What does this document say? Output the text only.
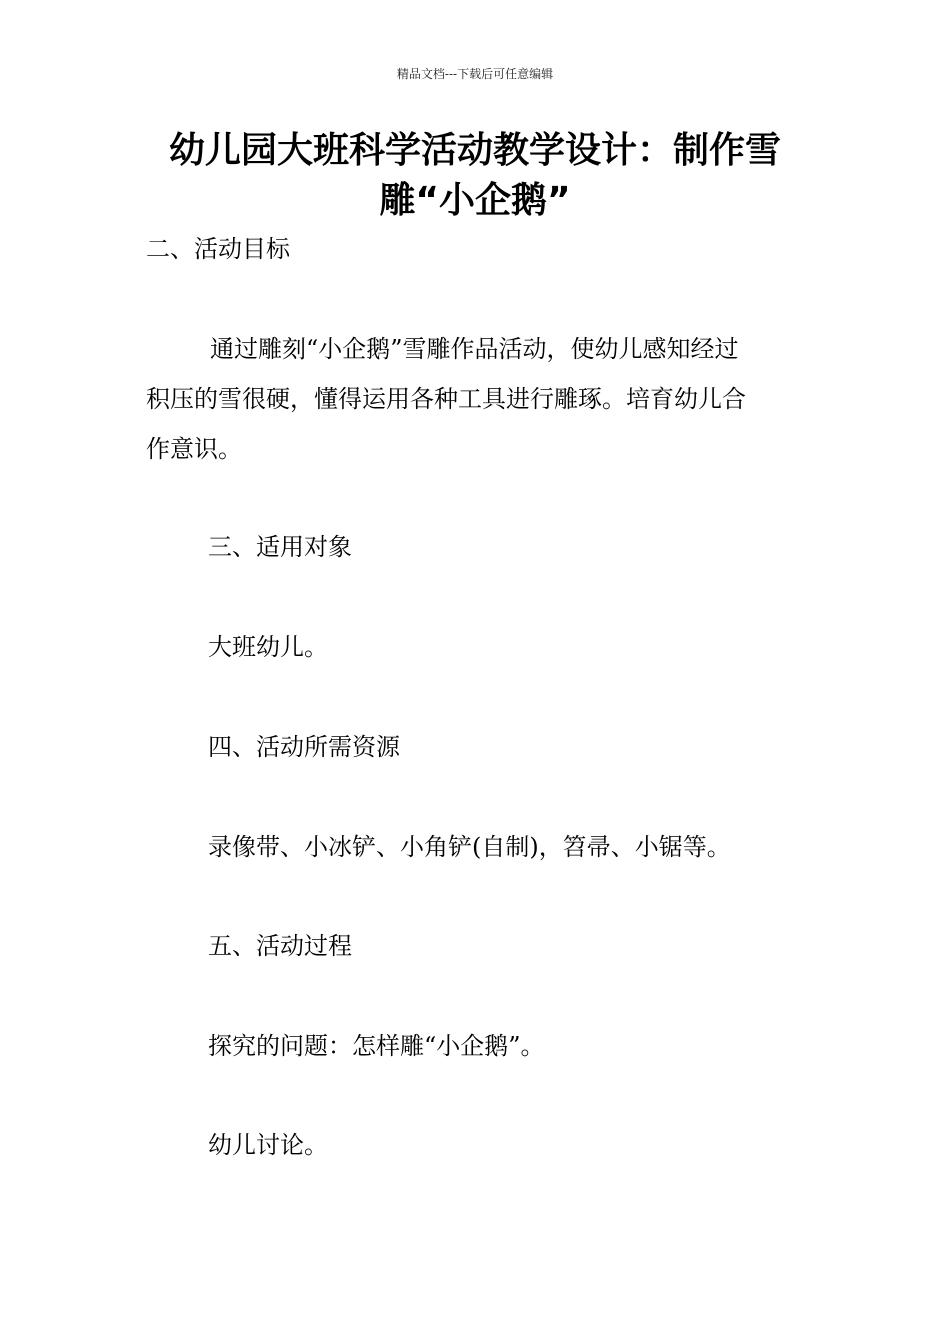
精品文档---下载后可任意编辑
幼儿园大班科学活动教学设计：制作雪
雕“小企鹅”

二、活动目标

通过雕刻“小企鹅”雪雕作品活动，使幼儿感知经过
积压的雪很硬，懂得运用各种工具进行雕琢。培育幼儿合
作意识。

三、适用对象

大班幼儿。

四、活动所需资源

录像带、小冰铲、小角铲(自制)，笤帚、小锯等。

五、活动过程

探究的问题：怎样雕“小企鹅”。

幼儿讨论。
